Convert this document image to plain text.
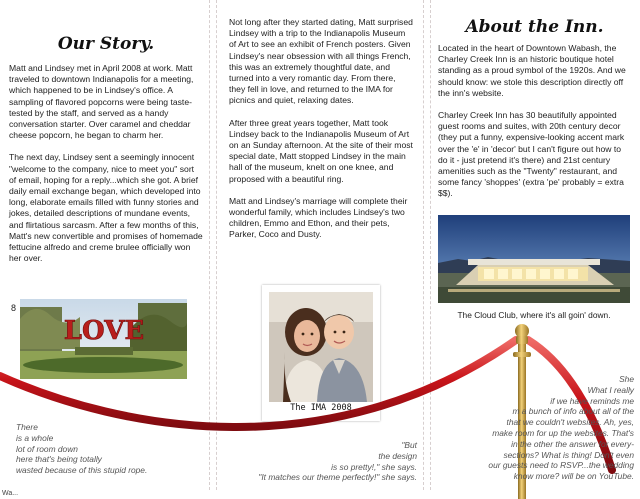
Our Story.

Matt and Lindsey met in April 2008 at work. Matt traveled to downtown Indianapolis for a meeting, which happened to be in Lindsey's office. A sampling of flavored popcorns were being taste-tested by the staff, and served as a handy conversation starter. Over caramel and cheddar cheese popcorn, he began to charm her.

The next day, Lindsey sent a seemingly innocent "welcome to the company, nice to meet you" sort of email, hoping for a reply...which she got. A brief daily email exchange began, which developed into long, elaborate emails filled with funny stories and jokes, detailed descriptions of mundane events, and flirtatious sarcasm. After a few months of this, Matt's new convertible and promises of homemade fettucine alfredo and creme brulee officially won her over.

8
LOVE

Not long after they started dating, Matt surprised Lindsey with a trip to the Indianapolis Museum of Art to see an exhibit of French posters. Given Lindsey's near obsession with all things French, this was an extremely thoughtful date, and turned into a very romantic day. From there, they fell in love, and returned to the IMA for picnics and quiet, relaxing dates.

After three great years together, Matt took Lindsey back to the Indianapolis Museum of Art on an Sunday afternoon. At the site of their most special date, Matt stopped Lindsey in the main hall of the museum, knelt on one knee, and proposed with a beautiful ring.

Matt and Lindsey's marriage will complete their wonderful family, which includes Lindsey's two children, Emmo and Ethon, and their pets, Parker, Coco and Dusty.

The IMA 2008
About the Inn.

Located in the heart of Downtown Wabash, the Charley Creek Inn is an historic boutique hotel standing as a proud symbol of the 1920s. And we should know: we stole this description directly off the inn's website.

Charley Creek Inn has 30 beautifully appointed guest rooms and suites, with 20th century decor (they put a funny, expensive-looking accent mark over the 'e' in 'decor' but I can't figure out how to do it - just pretend it's there) and 21st century amenities such as the "Twenty" restaurant, and some fancy 'shoppes' (extra 'pe' probably = extra $$).

The Cloud Club, where it's all goin' down.
There
is a whole
lot of room down
here that's being totally
wasted because of this stupid rope.
"But
the design
is so pretty!," she says.
"It matches our theme perfectly!" she says.
She
What I really
if we have reminds me
m a bunch of info about all of the
that we couldn't websites. Ah, yes,
make room for up the websites. That's
in the other the answer for every-
sections? What is thing! Don't even
our guests need to RSVP...the wedding
know more? will be on YouTube.
Wa...
